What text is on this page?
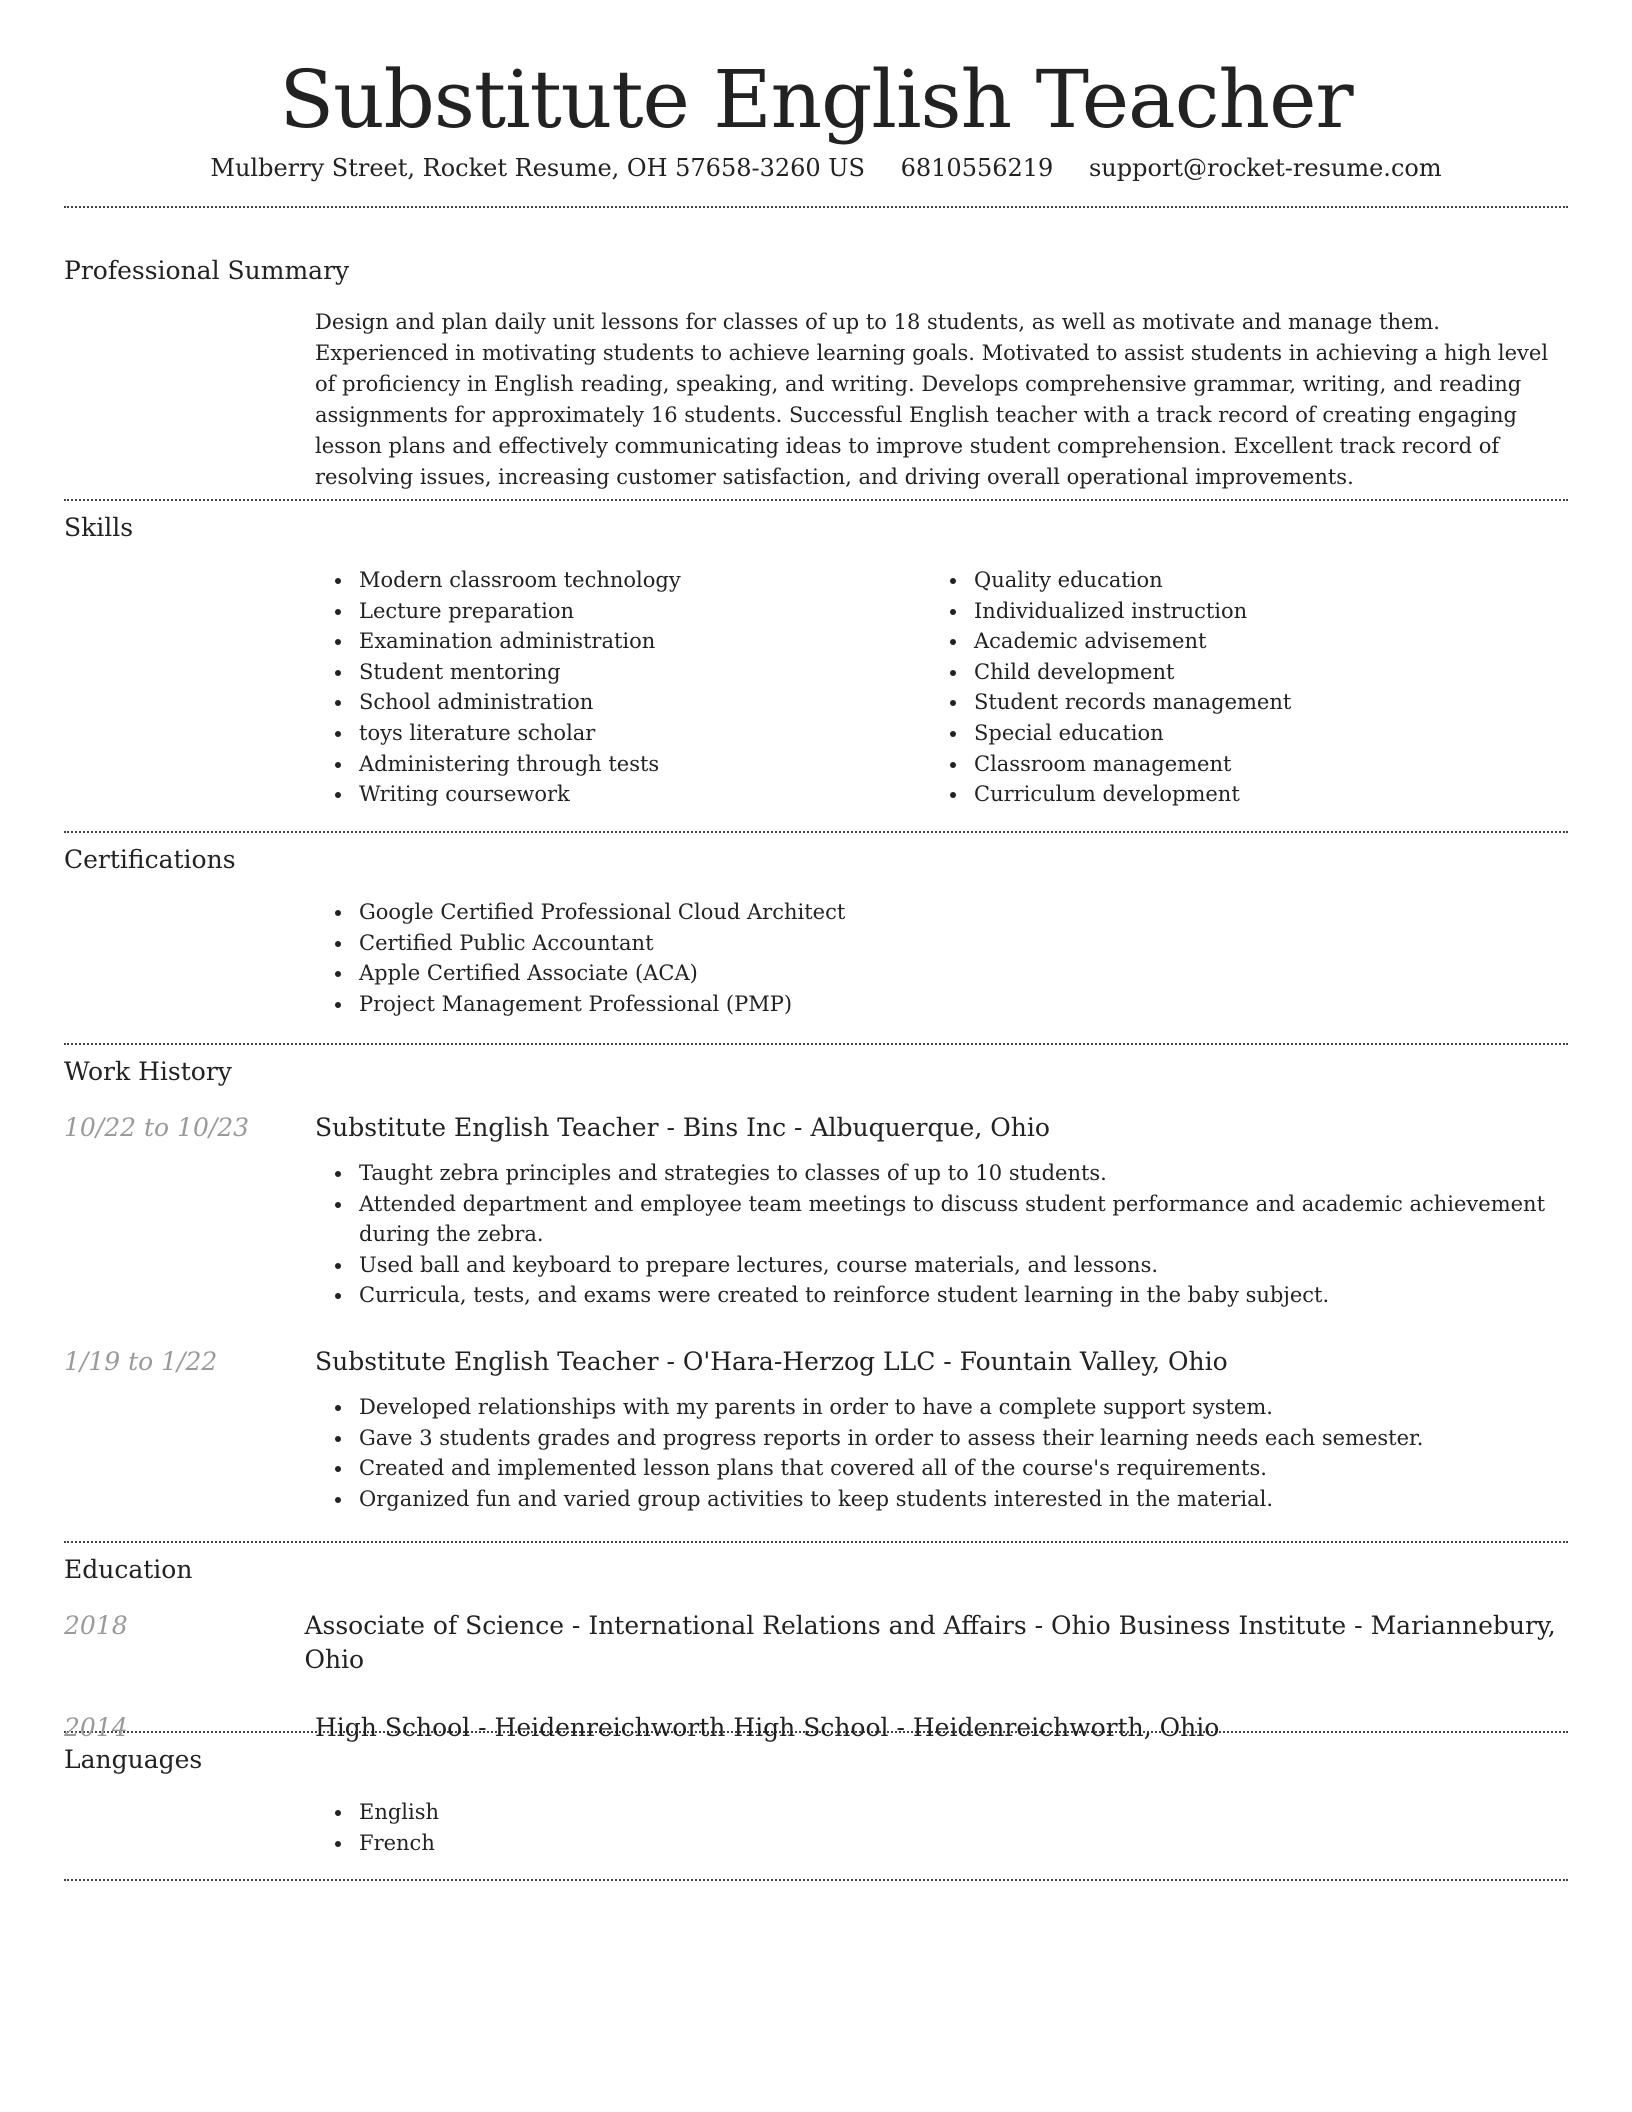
Substitute English Teacher
Mulberry Street, Rocket Resume, OH 57658-3260 US 6810556219 support@rocket-resume.com
Professional Summary
Design and plan daily unit lessons for classes of up to 18 students, as well as motivate and manage them. Experienced in motivating students to achieve learning goals. Motivated to assist students in achieving a high level of proficiency in English reading, speaking, and writing. Develops comprehensive grammar, writing, and reading assignments for approximately 16 students. Successful English teacher with a track record of creating engaging lesson plans and effectively communicating ideas to improve student comprehension. Excellent track record of resolving issues, increasing customer satisfaction, and driving overall operational improvements.
Skills
Modern classroom technology
Lecture preparation
Examination administration
Student mentoring
School administration
toys literature scholar
Administering through tests
Writing coursework
Quality education
Individualized instruction
Academic advisement
Child development
Student records management
Special education
Classroom management
Curriculum development
Certifications
Google Certified Professional Cloud Architect
Certified Public Accountant
Apple Certified Associate (ACA)
Project Management Professional (PMP)
Work History
10/22 to 10/23	Substitute English Teacher - Bins Inc - Albuquerque, Ohio
Taught zebra principles and strategies to classes of up to 10 students.
Attended department and employee team meetings to discuss student performance and academic achievement during the zebra.
Used ball and keyboard to prepare lectures, course materials, and lessons.
Curricula, tests, and exams were created to reinforce student learning in the baby subject.
1/19 to 1/22	Substitute English Teacher - O'Hara-Herzog LLC - Fountain Valley, Ohio
Developed relationships with my parents in order to have a complete support system.
Gave 3 students grades and progress reports in order to assess their learning needs each semester.
Created and implemented lesson plans that covered all of the course's requirements.
Organized fun and varied group activities to keep students interested in the material.
Education
2018	Associate of Science - International Relations and Affairs - Ohio Business Institute - Mariannebury, Ohio
2014	High School - Heidenreichworth High School - Heidenreichworth, Ohio
Languages
English
French
